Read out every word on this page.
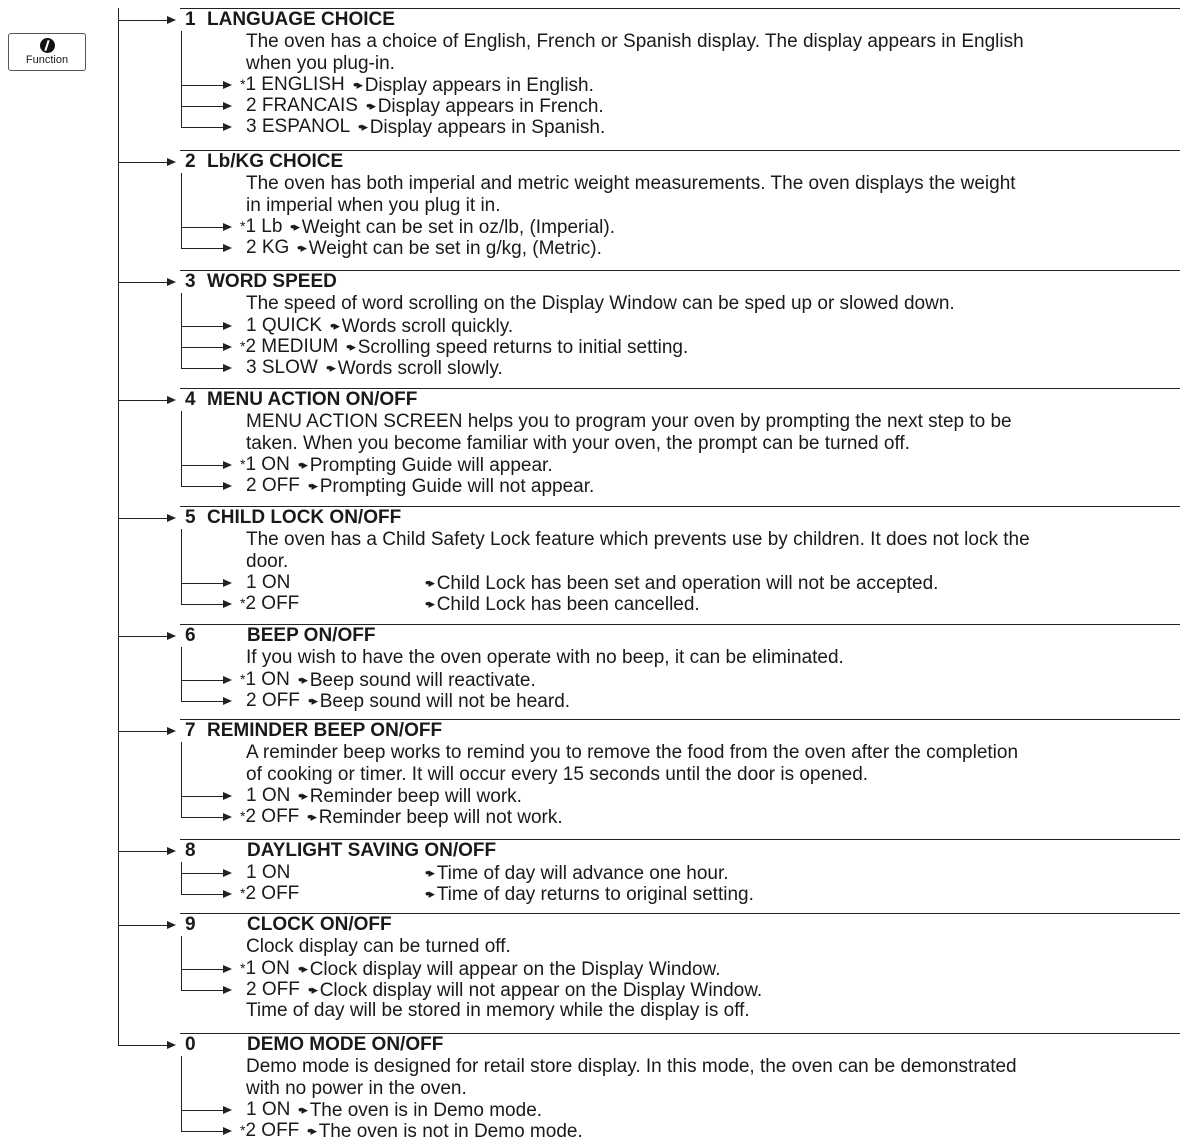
Function
1 LANGUAGE CHOICE
The oven has a choice of English, French or Spanish display. The display appears in English
when you plug-in.
*1 ENGLISH •▸ Display appears in English.
2 FRANCAIS •▸ Display appears in French.
3 ESPANOL •▸ Display appears in Spanish.
2 Lb/KG CHOICE
The oven has both imperial and metric weight measurements. The oven displays the weight
in imperial when you plug it in.
*1 Lb •▸ Weight can be set in oz/lb, (Imperial).
2 KG •▸ Weight can be set in g/kg, (Metric).
3 WORD SPEED
The speed of word scrolling on the Display Window can be sped up or slowed down.
1 QUICK •▸ Words scroll quickly.
*2 MEDIUM •▸ Scrolling speed returns to initial setting.
3 SLOW •▸ Words scroll slowly.
4 MENU ACTION ON/OFF
MENU ACTION SCREEN helps you to program your oven by prompting the next step to be
taken. When you become familiar with your oven, the prompt can be turned off.
*1 ON •▸ Prompting Guide will appear.
2 OFF •▸ Prompting Guide will not appear.
5 CHILD LOCK ON/OFF
The oven has a Child Safety Lock feature which prevents use by children. It does not lock the
door.
1 ON	•▸ Child Lock has been set and operation will not be accepted.
*2 OFF	•▸ Child Lock has been cancelled.
6	BEEP ON/OFF
If you wish to have the oven operate with no beep, it can be eliminated.
*1 ON •▸ Beep sound will reactivate.
2 OFF •▸ Beep sound will not be heard.
7 REMINDER BEEP ON/OFF
A reminder beep works to remind you to remove the food from the oven after the completion
of cooking or timer. It will occur every 15 seconds until the door is opened.
1 ON •▸ Reminder beep will work.
*2 OFF •▸ Reminder beep will not work.
8	DAYLIGHT SAVING ON/OFF
1 ON	•▸ Time of day will advance one hour.
*2 OFF	•▸ Time of day returns to original setting.
9	CLOCK ON/OFF
Clock display can be turned off.
*1 ON •▸ Clock display will appear on the Display Window.
2 OFF •▸ Clock display will not appear on the Display Window.
Time of day will be stored in memory while the display is off.
0	DEMO MODE ON/OFF
Demo mode is designed for retail store display. In this mode, the oven can be demonstrated
with no power in the oven.
1 ON •▸ The oven is in Demo mode.
*2 OFF •▸ The oven is not in Demo mode.
